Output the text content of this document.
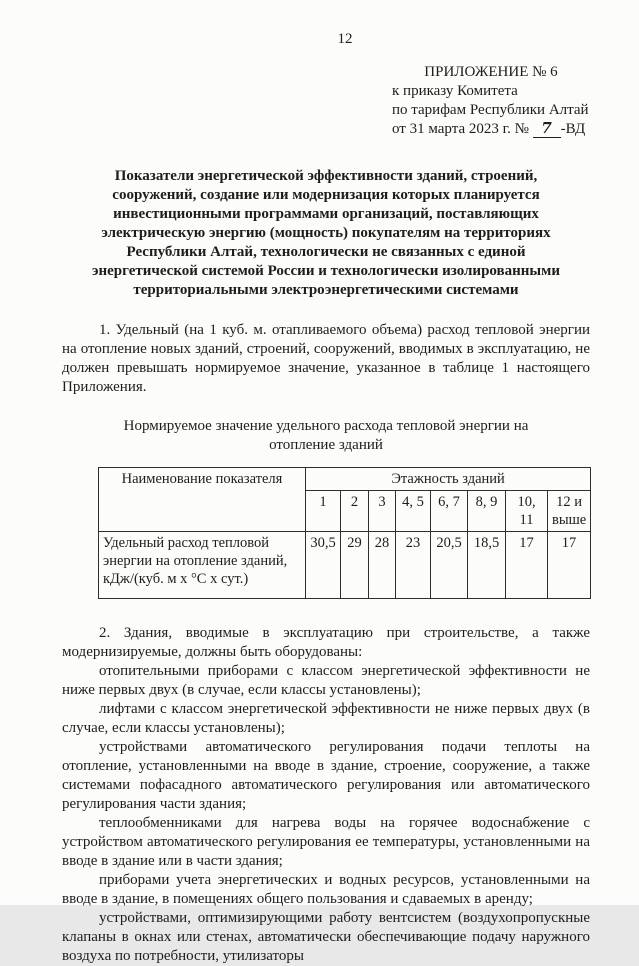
12
ПРИЛОЖЕНИЕ № 6
к приказу Комитета
по тарифам Республики Алтай
от 31 марта 2023 г. № 7 -ВД
Показатели энергетической эффективности зданий, строений, сооружений, создание или модернизация которых планируется инвестиционными программами организаций, поставляющих электрическую энергию (мощность) покупателям на территориях Республики Алтай, технологически не связанных с единой энергетической системой России и технологически изолированными территориальными электроэнергетическими системами

1. Удельный (на 1 куб. м. отапливаемого объема) расход тепловой энергии на отопление новых зданий, строений, сооружений, вводимых в эксплуатацию, не должен превышать нормируемое значение, указанное в таблице 1 настоящего Приложения.

Нормируемое значение удельного расхода тепловой энергии на отопление зданий
Наименование показателя	Этажность зданий							
	1	2	3	4, 5	6, 7	8, 9	10, 11	12 и выше
Удельный расход тепловой энергии на отопление зданий, кДж/(куб. м х °С х сут.)	30,5	29	28	23	20,5	18,5	17	17

2. Здания, вводимые в эксплуатацию при строительстве, а также модернизируемые, должны быть оборудованы:

отопительными приборами с классом энергетической эффективности не ниже первых двух (в случае, если классы установлены);

лифтами с классом энергетической эффективности не ниже первых двух (в случае, если классы установлены);

устройствами автоматического регулирования подачи теплоты на отопление, установленными на вводе в здание, строение, сооружение, а также системами пофасадного автоматического регулирования или автоматического регулирования части здания;

теплообменниками для нагрева воды на горячее водоснабжение с устройством автоматического регулирования ее температуры, установленными на вводе в здание или в части здания;

приборами учета энергетических и водных ресурсов, установленными на вводе в здание, в помещениях общего пользования и сдаваемых в аренду;

устройствами, оптимизирующими работу вентсистем (воздухопропускные клапаны в окнах или стенах, автоматически обеспечивающие подачу наружного воздуха по потребности, утилизаторы
